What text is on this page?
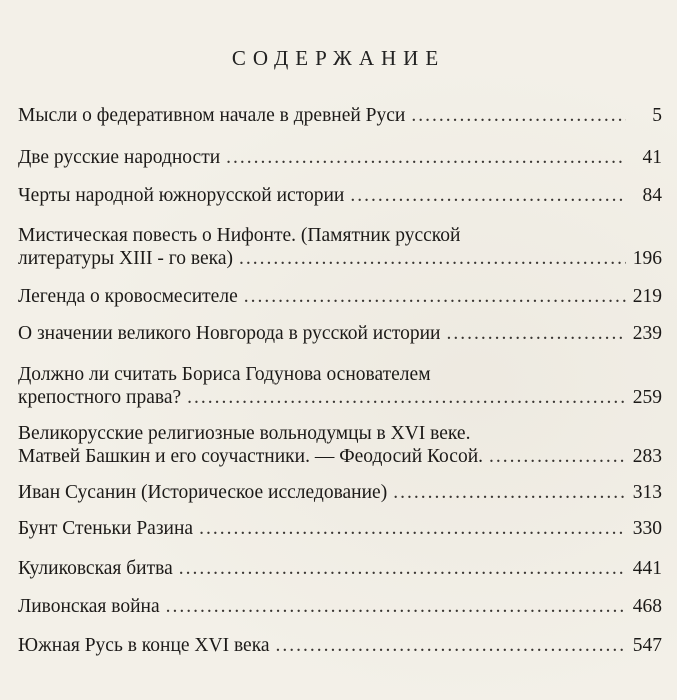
СОДЕРЖАНИЕ
Мысли о федеративном начале в древней Руси .....	5
Две русские народности .....	41
Черты народной южнорусской истории .....	84
Мистическая повесть о Нифонте. (Памятник русской
литературы XIII - го века) .....	196
Легенда о кровосмесителе .....	219
О значении великого Новгорода в русской истории .....	239
Должно ли считать Бориса Годунова основателем
крепостного права? .....	259
Великорусские религиозные вольнодумцы в XVI веке.
Матвей Башкин и его соучастники. — Феодосий Косой. .....	283
Иван Сусанин (Историческое исследование) .....	313
Бунт Стеньки Разина .....	330
Куликовская битва .....	441
Ливонская война .....	468
Южная Русь в конце XVI века .....	547
